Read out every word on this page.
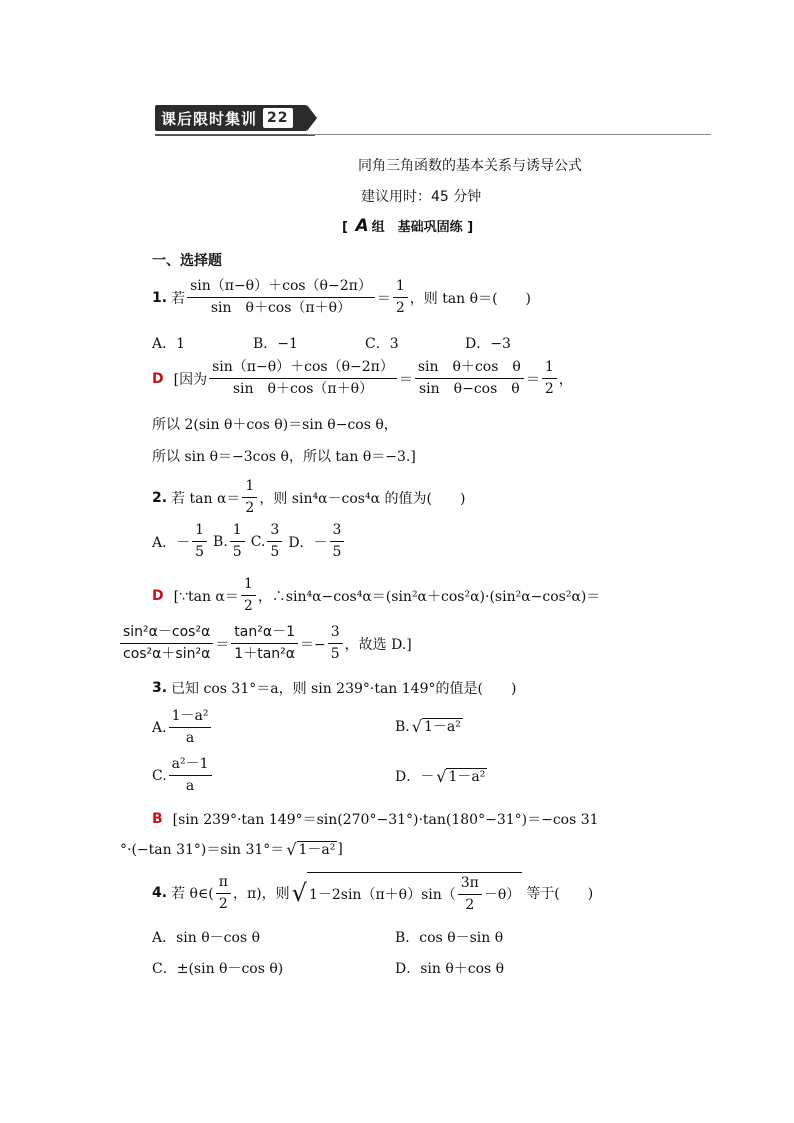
课后限时集训 22
同角三角函数的基本关系与诱导公式
建议用时：45 分钟
[ A 组　基础巩固练 ]
一、选择题
1. 若 $\frac{\sin(\pi-\theta)+\cos(\theta-2\pi)}{\text{sin　θ＋cos（π＋θ）}} = \frac{1}{2}$ ，则 tan θ＝(　　)
A．1	B．−1	C．3	D．−3
D [因为 $\frac{\sin(\pi-\theta)+\cos(\theta-2\pi)}{\text{sin　θ＋cos（π＋θ）}} = \frac{\text{sin　θ＋cos　θ}}{\text{sin　θ−cos　θ}} = \frac{1}{2}$ ，
所以 2(sin θ＋cos θ)＝sin θ−cos θ，
所以 sin θ＝−3cos θ，所以 tan θ＝−3.]
2. 若 $\tan \alpha= \frac{1}{2}$ ，则 sin⁴α－cos⁴α 的值为(　　)
A．－ $\frac{1}{5} B$. $\frac{1}{5} C$. $\frac{3}{5}$ D．－ $\frac{3}{5}$
D [∵tan $\alpha= \frac{1}{2}$ ，∴sin⁴α−cos⁴α＝(sin²α＋cos²α)·(sin²α−cos²α)＝
$\frac{\text{sin²α－cos²α}}{\text{cos²α＋sin²α}} = \frac{\text{tan²α－1}}{\text{1＋tan²α}} =- \frac{3}{5}$ ，故选 D.]
3. 已知 cos 31°＝a，则 sin 239°·tan 149°的值是(　　)
A. $\frac{\text{1－a²}}{a}$	B. √ 1－a²
C. $\frac{\text{a²－1}}{a}$	D．－ √ 1－a²
B [sin 239°·tan 149°＝sin(270°−31°)·tan(180°−31°)＝−cos 31
°·(−tan 31°)＝sin 31°＝ √ 1－a² ]
4. 若 θ∈( $\frac{\pi}{2}$ ，π)，则 √ $1-2\sin(\pi+\theta)\sin( \frac{3\pi}{2} -\theta)$ 等于(　　)
A．sin θ－cos θ	B．cos θ－sin θ
C．±(sin θ－cos θ)	D．sin θ＋cos θ
